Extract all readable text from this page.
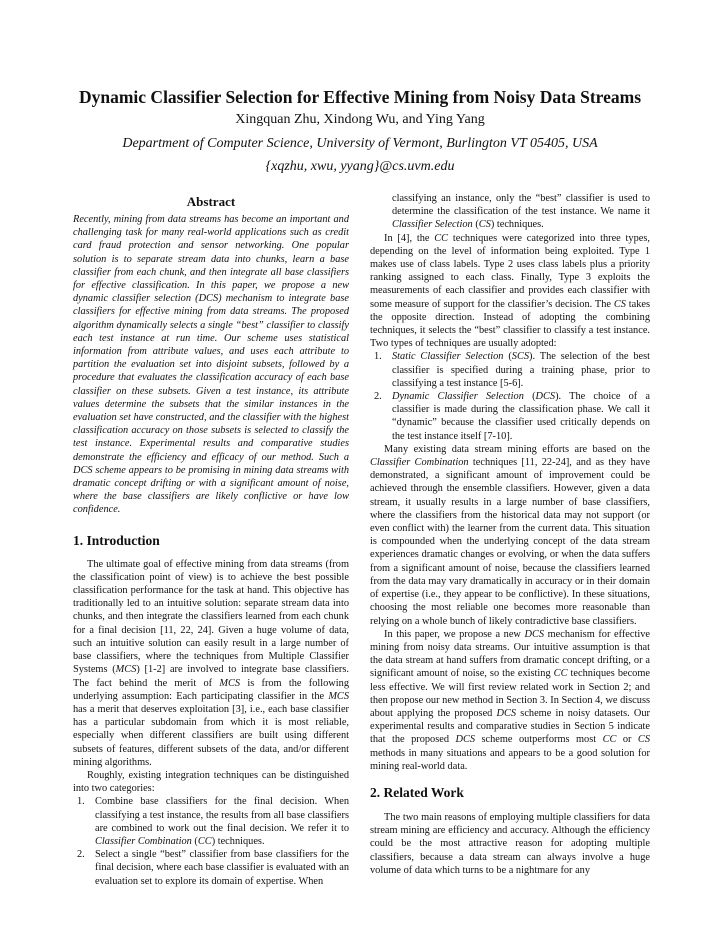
Dynamic Classifier Selection for Effective Mining from Noisy Data Streams
Xingquan Zhu, Xindong Wu, and Ying Yang
Department of Computer Science, University of Vermont, Burlington VT 05405, USA
{xqzhu, xwu, yyang}@cs.uvm.edu
Abstract

Recently, mining from data streams has become an important and challenging task for many real-world applications such as credit card fraud protection and sensor networking. One popular solution is to separate stream data into chunks, learn a base classifier from each chunk, and then integrate all base classifiers for effective classification. In this paper, we propose a new dynamic classifier selection (DCS) mechanism to integrate base classifiers for effective mining from data streams. The proposed algorithm dynamically selects a single “best” classifier to classify each test instance at run time. Our scheme uses statistical information from attribute values, and uses each attribute to partition the evaluation set into disjoint subsets, followed by a procedure that evaluates the classification accuracy of each base classifier on these subsets. Given a test instance, its attribute values determine the subsets that the similar instances in the evaluation set have constructed, and the classifier with the highest classification accuracy on those subsets is selected to classify the test instance. Experimental results and comparative studies demonstrate the efficiency and efficacy of our method. Such a DCS scheme appears to be promising in mining data streams with dramatic concept drifting or with a significant amount of noise, where the base classifiers are likely conflictive or have low confidence.

1. Introduction

The ultimate goal of effective mining from data streams (from the classification point of view) is to achieve the best possible classification performance for the task at hand. This objective has traditionally led to an intuitive solution: separate stream data into chunks, and then integrate the classifiers learned from each chunk for a final decision [11, 22, 24]. Given a huge volume of data, such an intuitive solution can easily result in a large number of base classifiers, where the techniques from Multiple Classifier Systems (MCS) [1-2] are involved to integrate base classifiers. The fact behind the merit of MCS is from the following underlying assumption: Each participating classifier in the MCS has a merit that deserves exploitation [3], i.e., each base classifier has a particular subdomain from which it is most reliable, especially when different classifiers are built using different subsets of features, different subsets of the data, and/or different mining algorithms.

Roughly, existing integration techniques can be distinguished into two categories:

1. Combine base classifiers for the final decision. When classifying a test instance, the results from all base classifiers are combined to work out the final decision. We refer it to Classifier Combination (CC) techniques.
2. Select a single “best” classifier from base classifiers for the final decision, where each base classifier is evaluated with an evaluation set to explore its domain of expertise. When

classifying an instance, only the “best” classifier is used to determine the classification of the test instance. We name it Classifier Selection (CS) techniques.

In [4], the CC techniques were categorized into three types, depending on the level of information being exploited. Type 1 makes use of class labels. Type 2 uses class labels plus a priority ranking assigned to each class. Finally, Type 3 exploits the measurements of each classifier and provides each classifier with some measure of support for the classifier’s decision. The CS takes the opposite direction. Instead of adopting the combining techniques, it selects the “best” classifier to classify a test instance. Two types of techniques are usually adopted:

1. Static Classifier Selection (SCS). The selection of the best classifier is specified during a training phase, prior to classifying a test instance [5-6].
2. Dynamic Classifier Selection (DCS). The choice of a classifier is made during the classification phase. We call it “dynamic” because the classifier used critically depends on the test instance itself [7-10].

Many existing data stream mining efforts are based on the Classifier Combination techniques [11, 22-24], and as they have demonstrated, a significant amount of improvement could be achieved through the ensemble classifiers. However, given a data stream, it usually results in a large number of base classifiers, where the classifiers from the historical data may not support (or even conflict with) the learner from the current data. This situation is compounded when the underlying concept of the data stream experiences dramatic changes or evolving, or when the data suffers from a significant amount of noise, because the classifiers learned from the data may vary dramatically in accuracy or in their domain of expertise (i.e., they appear to be conflictive). In these situations, choosing the most reliable one becomes more reasonable than relying on a whole bunch of likely contradictive base classifiers.

In this paper, we propose a new DCS mechanism for effective mining from noisy data streams. Our intuitive assumption is that the data stream at hand suffers from dramatic concept drifting, or a significant amount of noise, so the existing CC techniques become less effective. We will first review related work in Section 2; and then propose our new method in Section 3. In Section 4, we discuss about applying the proposed DCS scheme in noisy datasets. Our experimental results and comparative studies in Section 5 indicate that the proposed DCS scheme outperforms most CC or CS methods in many situations and appears to be a good solution for mining real-world data.

2. Related Work

The two main reasons of employing multiple classifiers for data stream mining are efficiency and accuracy. Although the efficiency could be the most attractive reason for adopting multiple classifiers, because a data stream can always involve a huge volume of data which turns to be a nightmare for any
